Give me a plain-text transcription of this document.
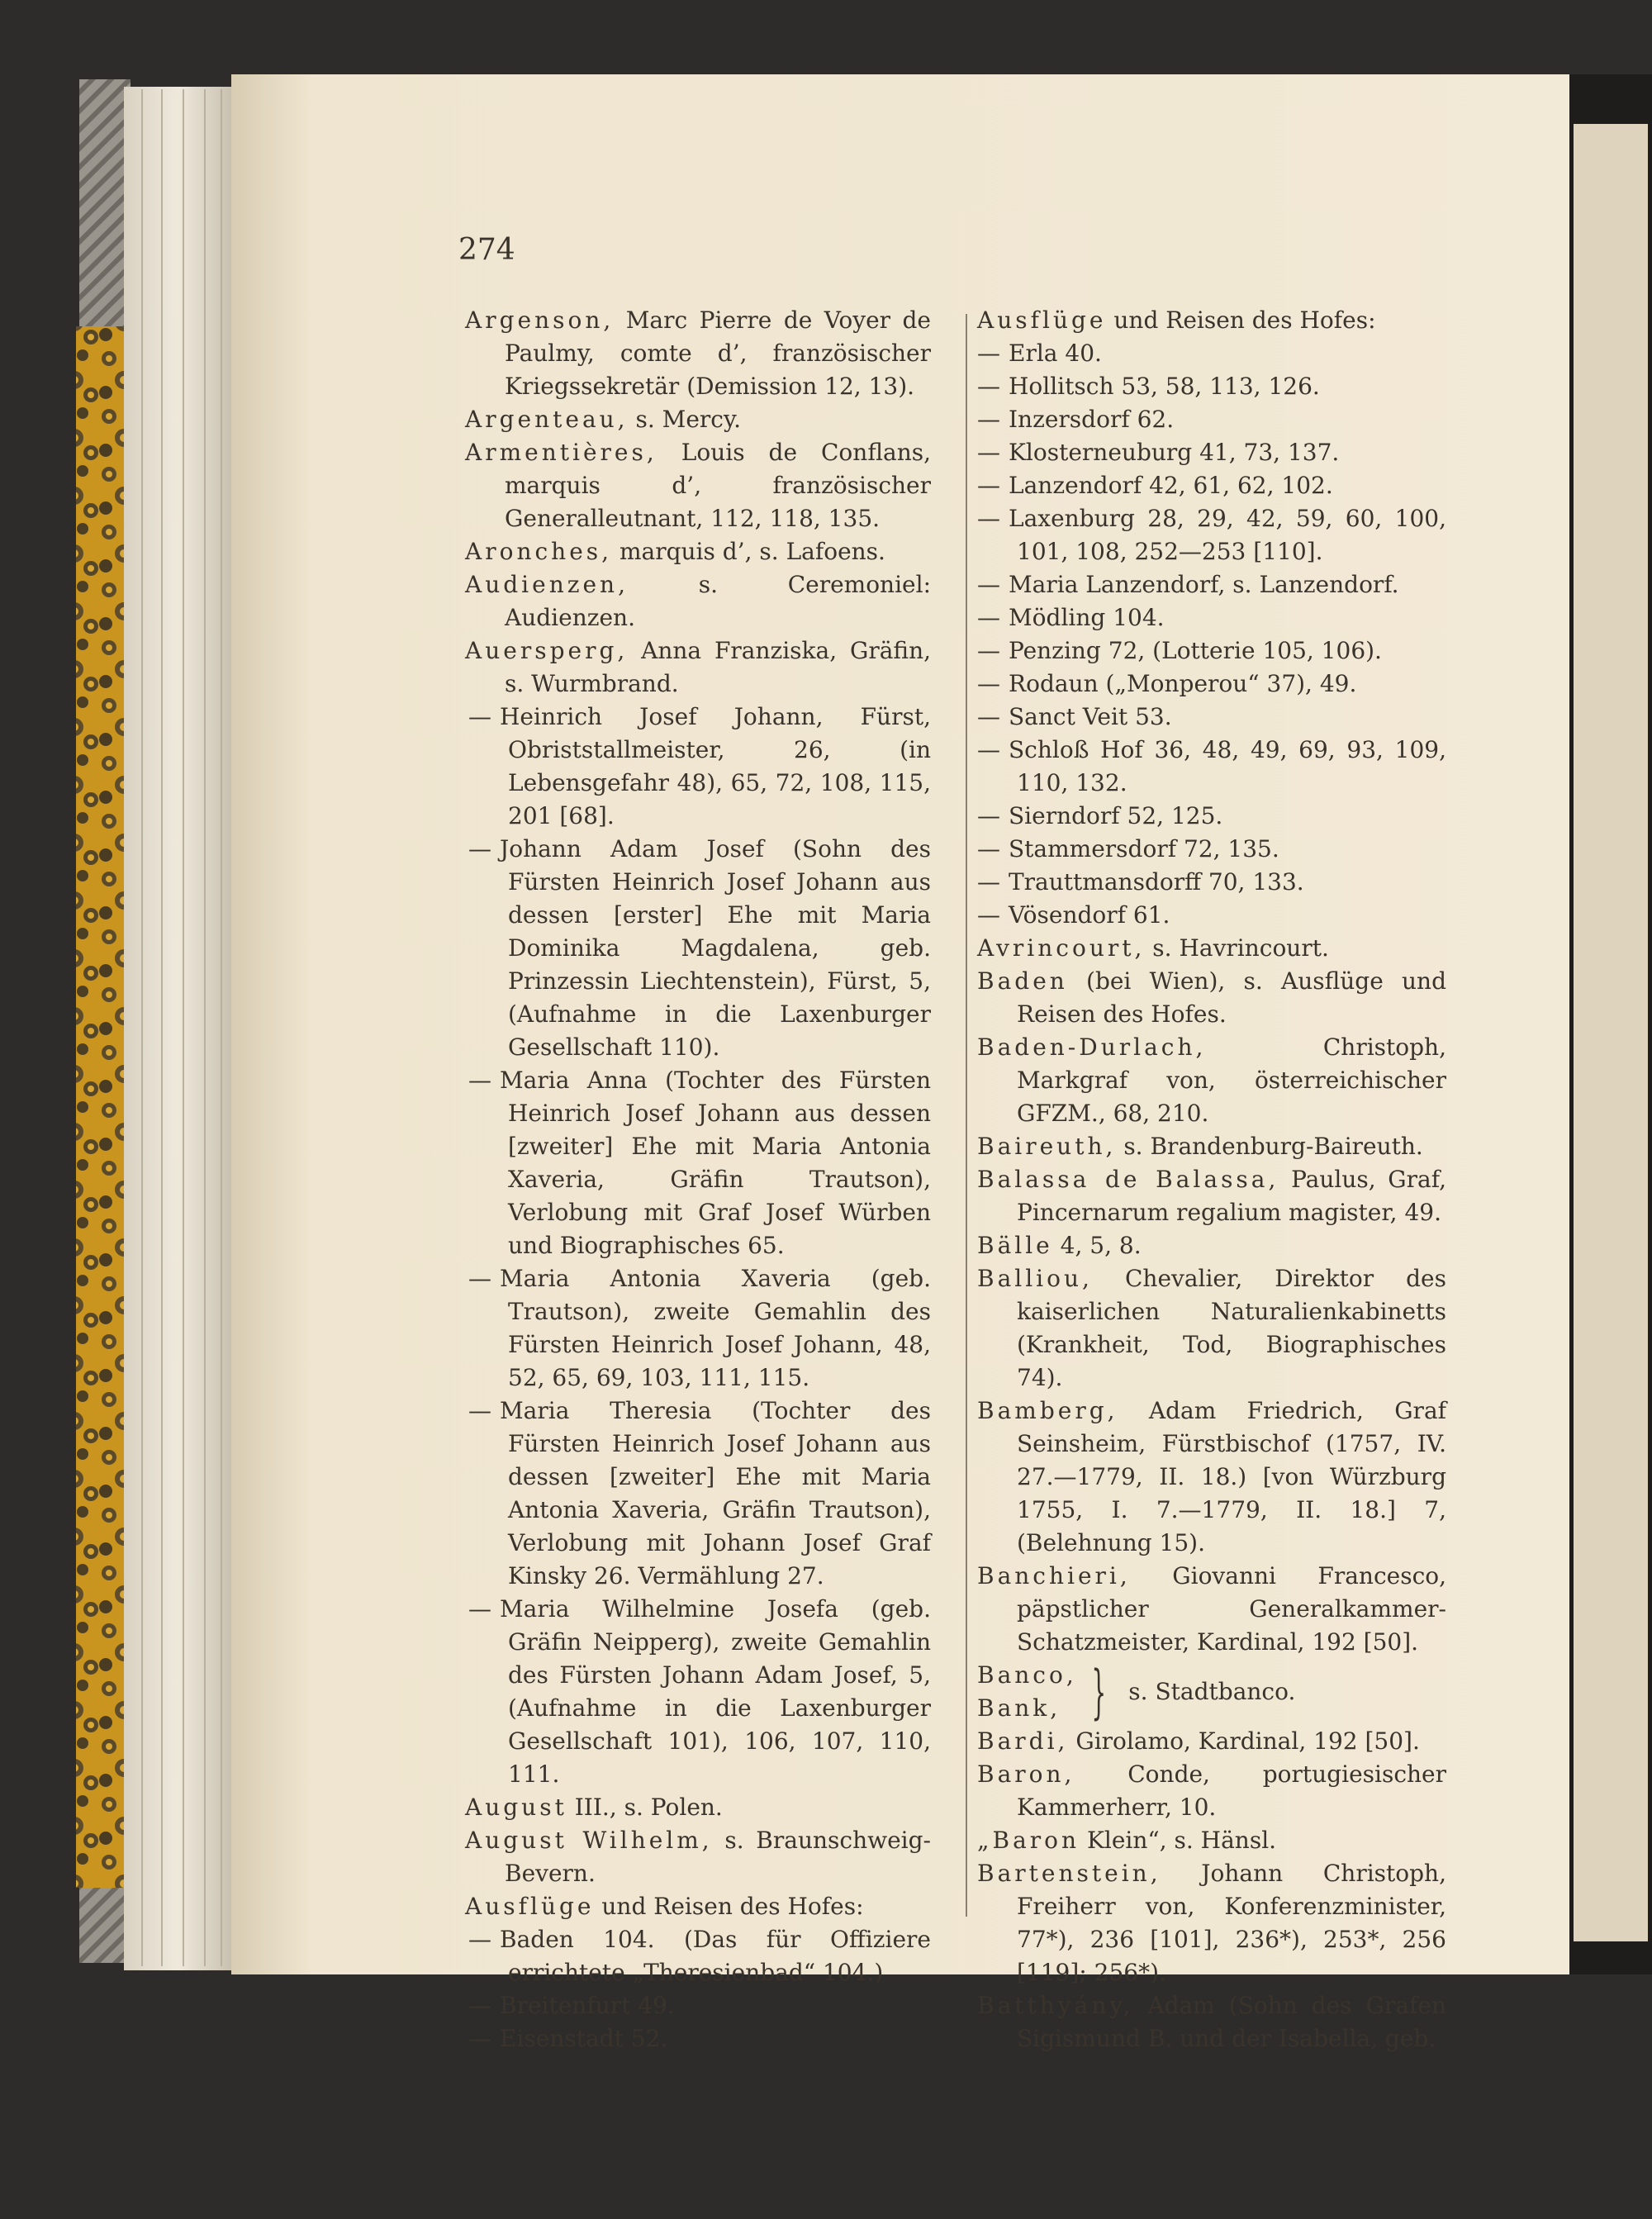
274

Argenson, Marc Pierre de Voyer de Paulmy, comte d’, französischer Kriegssekretär (Demission 12, 13).

Argenteau, s. Mercy.

Armentières, Louis de Conflans, marquis d’, französischer Generalleutnant, 112, 118, 135.

Aronches, marquis d’, s. Lafoens.

Audienzen,	s. Ceremoniel: Audienzen.

Auersperg, Anna Franziska, Gräfin, s. Wurmbrand.

— Heinrich Josef Johann, Fürst, Obriststallmeister, 26, (in Lebensgefahr 48), 65, 72, 108, 115, 201 [68].

— Johann Adam Josef (Sohn des Fürsten Heinrich Josef Johann aus dessen [erster] Ehe mit Maria Dominika Magdalena, geb. Prinzessin Liechtenstein), Fürst, 5, (Aufnahme in die Laxenburger Gesellschaft 110).

— Maria Anna (Tochter des Fürsten Heinrich Josef Johann aus dessen [zweiter] Ehe mit Maria Antonia Xaveria, Gräfin Trautson), Verlobung mit Graf Josef Würben und Biographisches 65.

— Maria Antonia Xaveria (geb. Trautson), zweite Gemahlin des Fürsten Heinrich Josef Johann, 48, 52, 65, 69, 103, 111, 115.

— Maria Theresia (Tochter des Fürsten Heinrich Josef Johann aus dessen [zweiter] Ehe mit Maria Antonia Xaveria, Gräfin Trautson), Verlobung mit Johann Josef Graf Kinsky 26. Vermählung 27.

— Maria Wilhelmine Josefa (geb. Gräfin Neipperg), zweite Gemahlin des Fürsten Johann Adam Josef, 5, (Aufnahme in die Laxenburger Gesellschaft 101), 106, 107, 110, 111.

August III., s. Polen.

August Wilhelm, s. Braunschweig-Bevern.

Ausflüge und Reisen des Hofes:

— Baden 104. (Das für Offiziere errichtete „Theresienbad“ 104.)

— Breitenfurt 49.

— Eisenstadt 52.

Ausflüge und Reisen des Hofes:

— Erla 40.

— Hollitsch 53, 58, 113, 126.

— Inzersdorf 62.

— Klosterneuburg 41, 73, 137.

— Lanzendorf 42, 61, 62, 102.

— Laxenburg 28, 29, 42, 59, 60, 100, 101, 108, 252—253 [110].

— Maria Lanzendorf, s. Lanzendorf.

— Mödling 104.

— Penzing 72, (Lotterie 105, 106).

— Rodaun („Monperou“ 37), 49.

— Sanct Veit 53.

— Schloß Hof 36, 48, 49, 69, 93, 109, 110, 132.

— Sierndorf 52, 125.

— Stammersdorf 72, 135.

— Trauttmansdorff 70, 133.

— Vösendorf 61.

Avrincourt, s. Havrincourt.

Baden (bei Wien), s. Ausflüge und Reisen des Hofes.

Baden-Durlach,	Christoph, Markgraf von, österreichischer GFZM., 68, 210.

Baireuth, s. Brandenburg-Baireuth.

Balassa de Balassa, Paulus, Graf, Pincernarum regalium magister, 49.

Bälle 4, 5, 8.

Balliou, Chevalier, Direktor des kaiserlichen Naturalienkabinetts (Krankheit, Tod, Biographisches 74).

Bamberg, Adam Friedrich, Graf Seinsheim, Fürstbischof (1757, IV. 27.—1779, II. 18.) [von Würzburg 1755, I. 7.—1779, II. 18.] 7, (Belehnung 15).

Banchieri, Giovanni Francesco, päpstlicher Generalkammer-Schatzmeister, Kardinal, 192 [50].

Banco,
Bank, } s. Stadtbanco.

Bardi, Girolamo, Kardinal, 192 [50].

Baron, Conde, portugiesischer Kammerherr, 10.

„Baron Klein“, s. Hänsl.

Bartenstein, Johann Christoph, Freiherr von, Konferenzminister, 77*), 236 [101], 236*), 253*, 256 [119]; 256*).

Batthyány, Adam (Sohn des Grafen Sigismund B. und der Isabella, geb.
